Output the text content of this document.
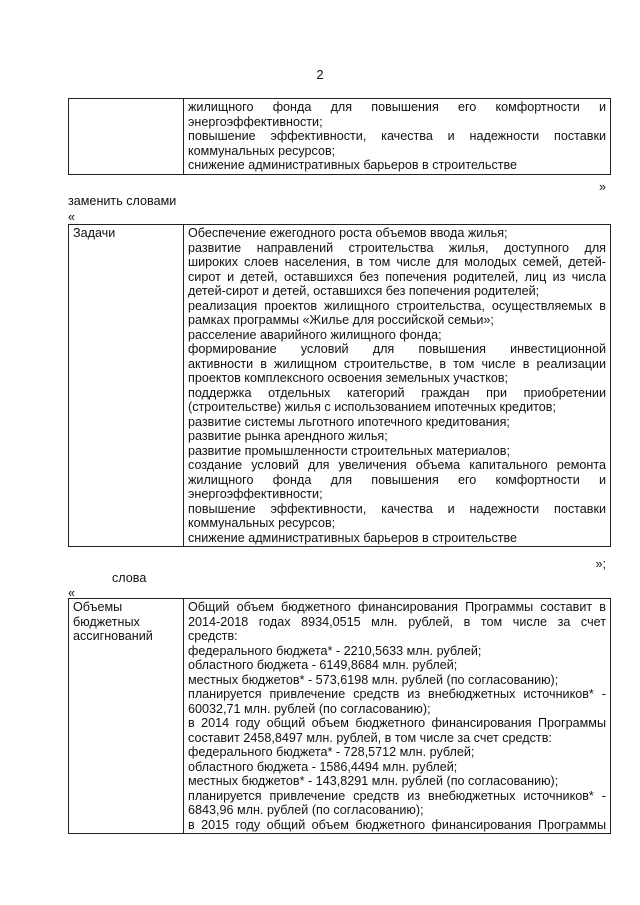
2

жилищного фонда для повышения его комфортности и
энергоэффективности;
повышение эффективности, качества и надежности поставки
коммунальных ресурсов;
снижение административных барьеров в строительстве
»
заменить словами
«
Задачи	Обеспечение ежегодного роста объемов ввода жилья;
развитие направлений строительства жилья, доступного для
широких слоев населения, в том числе для молодых семей, детей-
сирот и детей, оставшихся без попечения родителей, лиц из числа
детей-сирот и детей, оставшихся без попечения родителей;
реализация проектов жилищного строительства, осуществляемых в
рамках программы «Жилье для российской семьи»;
расселение аварийного жилищного фонда;
формирование условий для повышения инвестиционной
активности в жилищном строительстве, в том числе в реализации
проектов комплексного освоения земельных участков;
поддержка отдельных категорий граждан при приобретении
(строительстве) жилья с использованием ипотечных кредитов;
развитие системы льготного ипотечного кредитования;
развитие рынка арендного жилья;
развитие промышленности строительных материалов;
создание условий для увеличения объема капитального ремонта
жилищного фонда для повышения его комфортности и
энергоэффективности;
повышение эффективности, качества и надежности поставки
коммунальных ресурсов;
снижение административных барьеров в строительстве
»;
слова
«
Объемы
бюджетных
ассигнований

Общий объем бюджетного финансирования Программы составит в
2014-2018 годах 8934,0515 млн. рублей, в том числе за счет
средств:
федерального бюджета* - 2210,5633 млн. рублей;
областного бюджета - 6149,8684 млн. рублей;
местных бюджетов* - 573,6198 млн. рублей (по согласованию);
планируется привлечение средств из внебюджетных источников* -
60032,71 млн. рублей (по согласованию);
в 2014 году общий объем бюджетного финансирования Программы
составит 2458,8497 млн. рублей, в том числе за счет средств:
федерального бюджета* - 728,5712 млн. рублей;
областного бюджета - 1586,4494 млн. рублей;
местных бюджетов* - 143,8291 млн. рублей (по согласованию);
планируется привлечение средств из внебюджетных источников* -
6843,96 млн. рублей (по согласованию);
в 2015 году общий объем бюджетного финансирования Программы
